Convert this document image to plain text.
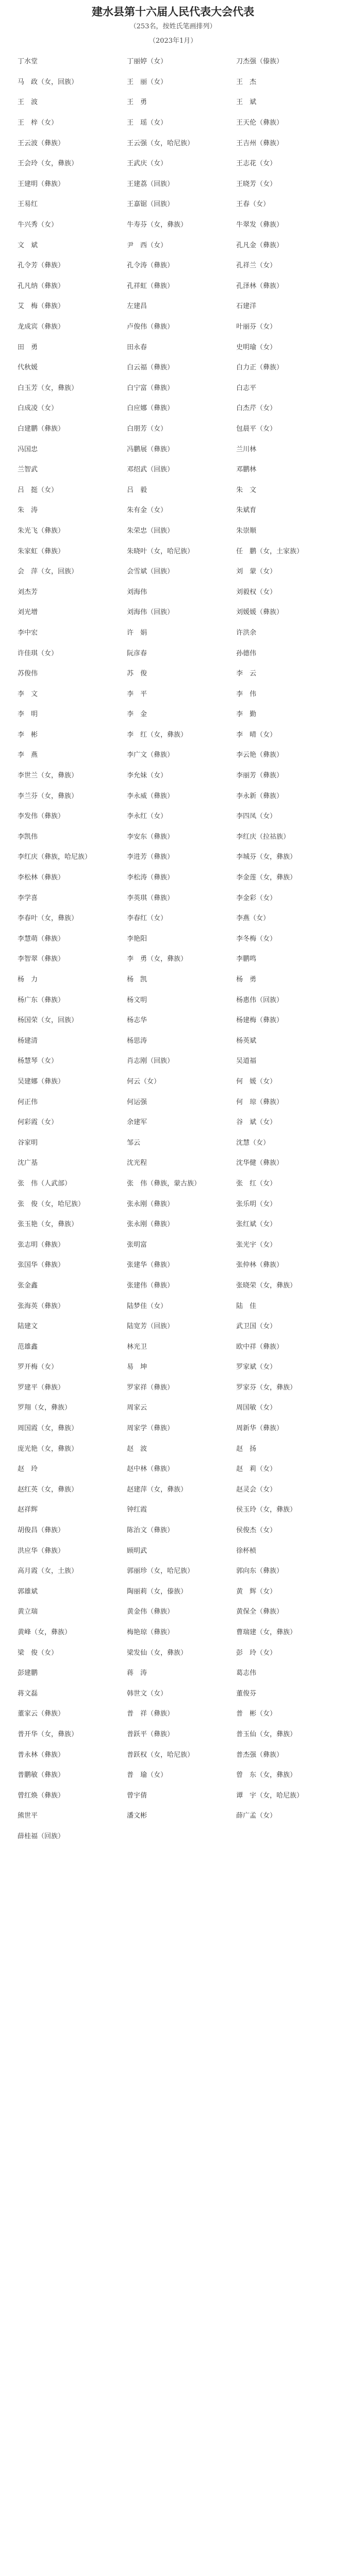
建水县第十六届人民代表大会代表

（253名，按姓氏笔画排列）

（2023年1月）

丁水堂	丁丽婷（女）	刀杰强（傣族）
马　政（女，回族）	王　丽（女）	王　杰
王　波	王　勇	王　斌
王　梓（女）	王　瑶（女）	王天伦（彝族）
王云波（彝族）	王云强（女，哈尼族）	王吉州（彝族）
王会玲（女，彝族）	王武庆（女）	王志花（女）
王建明（彝族）	王建荔（回族）	王晓芳（女）
王易红	王嘉锯（回族）	王春（女）
牛兴秀（女）	牛寿芬（女，彝族）	牛翠发（彝族）
文　斌	尹　西（女）	孔凡金（彝族）
孔令芳（彝族）	孔令涛（彝族）	孔祥兰（女）
孔凡纳（彝族）	孔祥虹（彝族）	孔泽林（彝族）
艾　梅（彝族）	左建昌	石建洋
龙成宾（彝族）	卢俊伟（彝族）	叶丽芬（女）
田　勇	田永春	史明瑜（女）
代秋媛	白云福（彝族）	白力正（彝族）
白玉芳（女，彝族）	白宁富（彝族）	白志平
白成凌（女）	白应娜（彝族）	白杰芹（女）
白建鹏（彝族）	白朋芳（女）	包晨平（女）
冯国忠	冯鹏展（彝族）	兰川林
兰智武	邓绍武（回族）	邓鹏林
吕　挺（女）	吕　毅	朱　文
朱　涛	朱有金（女）	朱斌育
朱光飞（彝族）	朱荣忠（回族）	朱崇顺
朱家虹（彝族）	朱晓叶（女，哈尼族）	任　鹏（女，土家族）
会　萍（女，回族）	会雪斌（回族）	刘　蒙（女）
刘杰芳	刘海伟	刘毅权（女）
刘光增	刘海伟（回族）	刘媛媛（彝族）
李中宏	许　娟	许洪余
许佳琪（女）	阮彦春	孙德伟
苏俊伟	苏　俊	李　云
李　文	李　平	李　伟
李　明	李　金	李　勤
李　彬	李　红（女，彝族）	李　晴（女）
李　燕	李广文（彝族）	李云艳（彝族）
李世兰（女，彝族）	李允妹（女）	李丽芳（彝族）
李兰芬（女，彝族）	李永威（彝族）	李永新（彝族）
李发伟（彝族）	李永红（女）	李四凤（女）
李凯伟	李安东（彝族）	李红庆（拉祜族）
李红庆（彝族，哈尼族）	李进芳（彝族）	李城芬（女，彝族）
李松林（彝族）	李松涛（彝族）	李金莲（女，彝族）
李学喜	李英琪（彝族）	李金彩（女）
李春叶（女，彝族）	李春红（女）	李燕（女）
李慧萌（彝族）	李艳阳	李冬梅（女）
李智翠（彝族）	李　勇（女，彝族）	李鹏鸣
杨　力	杨　凯	杨　勇
杨广东（彝族）	杨文明	杨惠伟（回族）
杨国荣（女，回族）	杨志华	杨建梅（彝族）
杨建清	杨思涛	杨英斌
杨慧琴（女）	肖志刚（回族）	吴道福
吴建娜（彝族）	何云（女）	何　媛（女）
何正伟	何运强	何　琼（彝族）
何彩霞（女）	余建军	谷　斌（女）
谷家明	邹云	沈慧（女）
沈广基	沈光程	沈华健（彝族）
张　伟（人武部）	张　伟（彝族，蒙古族）	张　红（女）
张　俊（女，哈尼族）	张永刚（彝族）	张乐明（女）
张玉艳（女，彝族）	张永刚（彝族）	张红斌（女）
张志明（彝族）	张明富	张光宇（女）
张国华（彝族）	张建华（彝族）	张仲林（彝族）
张金鑫	张建伟（彝族）	张晓荣（女，彝族）
张海英（彝族）	陆梦佳（女）	陆　佳
陆建文	陆宽芳（回族）	武卫国（女）
范雄鑫	林光卫	欧中祥（彝族）
罗开梅（女）	易　坤	罗家斌（女）
罗建平（彝族）	罗家祥（彝族）	罗家芬（女，彝族）
罗翔（女，彝族）	周家云	周国敏（女）
周国霞（女，彝族）	周家学（彝族）	周新华（彝族）
庞光艳（女，彝族）	赵　波	赵　扬
赵　玲	赵中林（彝族）	赵　莉（女）
赵红英（女，彝族）	赵建萍（女，彝族）	赵灵会（女）
赵祥辉	钟红霞	侯玉玲（女，彝族）
胡俊昌（彝族）	陈治文（彝族）	侯俊杰（女）
洪应华（彝族）	顾明武	徐杯桢
高月霞（女，土族）	郭丽珍（女，哈尼族）	郭向东（彝族）
郭雄斌	陶丽莉（女，傣族）	黄　辉（女）
黄立瑞	黄金伟（彝族）	黄保全（彝族）
黄峰（女，彝族）	梅艳琼（彝族）	曹瑞建（女，彝族）
梁　俊（女）	梁发仙（女，彝族）	彭　玲（女）
彭建鹏	蒋　涛	葛志伟
蒋文磊	韩世文（女）	董俊芬
董家云（彝族）	普　祥（彝族）	普　彬（女）
普开华（女，彝族）	普跃平（彝族）	普玉仙（女，彝族）
普永林（彝族）	普跃权（女，哈尼族）	普杰强（彝族）
普鹏敏（彝族）	普　瑜（女）	曾　东（女，彝族）
曾红焕（彝族）	曾宇倩	谭　宇（女，哈尼族）
熊世平	潘文彬	薛广孟（女）
薛桂福（回族）
